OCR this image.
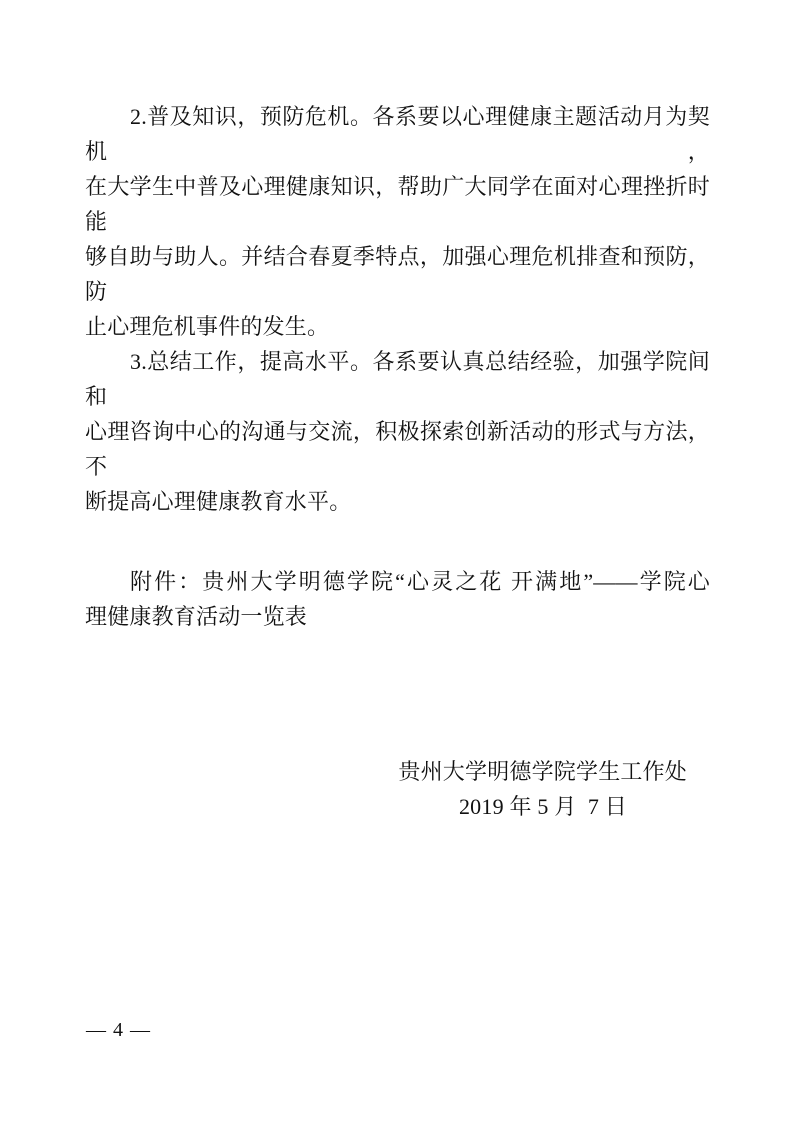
2.普及知识，预防危机。各系要以心理健康主题活动月为契机，

在大学生中普及心理健康知识，帮助广大同学在面对心理挫折时能

够自助与助人。并结合春夏季特点，加强心理危机排查和预防，防

止心理危机事件的发生。

3.总结工作，提高水平。各系要认真总结经验，加强学院间和

心理咨询中心的沟通与交流，积极探索创新活动的形式与方法，不

断提高心理健康教育水平。

附件：贵州大学明德学院“心灵之花 开满地”——学院心

理健康教育活动一览表

贵州大学明德学院学生工作处

2019 年 5 月  7 日

— 4 —
